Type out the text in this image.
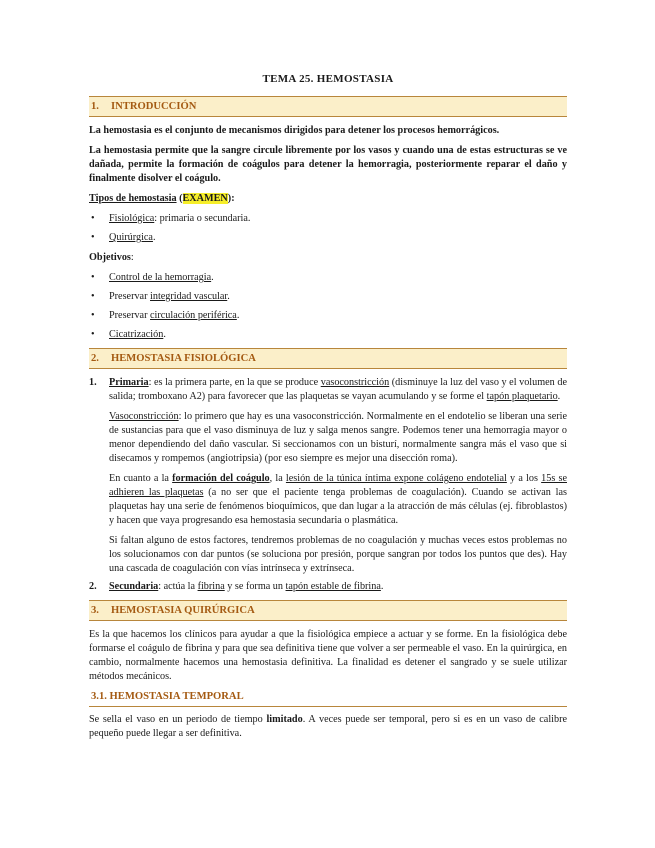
TEMA 25. HEMOSTASIA
1. INTRODUCCIÓN

La hemostasia es el conjunto de mecanismos dirigidos para detener los procesos hemorrágicos.

La hemostasia permite que la sangre circule libremente por los vasos y cuando una de estas estructuras se ve dañada, permite la formación de coágulos para detener la hemorragia, posteriormente reparar el daño y finalmente disolver el coágulo.

Tipos de hemostasia (EXAMEN):

• Fisiológica: primaria o secundaria.
• Quirúrgica.

Objetivos:

• Control de la hemorragia.
• Preservar integridad vascular.
• Preservar circulación periférica.
• Cicatrización.
2. HEMOSTASIA FISIOLÓGICA
1. Primaria: es la primera parte, en la que se produce vasoconstricción (disminuye la luz del vaso y el volumen de salida; tromboxano A2) para favorecer que las plaquetas se vayan acumulando y se forme el tapón plaquetario.

Vasoconstricción: lo primero que hay es una vasoconstricción. Normalmente en el endotelio se liberan una serie de sustancias para que el vaso disminuya de luz y salga menos sangre. Podemos tener una hemorragia mayor o menor dependiendo del daño vascular. Si seccionamos con un bisturí, normalmente sangra más el vaso que si disecamos y rompemos (angiotripsia) (por eso siempre es mejor una disección roma).

En cuanto a la formación del coágulo, la lesión de la túnica íntima expone colágeno endotelial y a los 15s se adhieren las plaquetas (a no ser que el paciente tenga problemas de coagulación). Cuando se activan las plaquetas hay una serie de fenómenos bioquímicos, que dan lugar a la atracción de más células (ej. fibroblastos) y hacen que vaya progresando esa hemostasia secundaria o plasmática.

Si faltan alguno de estos factores, tendremos problemas de no coagulación y muchas veces estos problemas no los solucionamos con dar puntos (se soluciona por presión, porque sangran por todos los puntos que des). Hay una cascada de coagulación con vías intrínseca y extrínseca.

2. Secundaria: actúa la fibrina y se forma un tapón estable de fibrina.

3. HEMOSTASIA QUIRÚRGICA

Es la que hacemos los clínicos para ayudar a que la fisiológica empiece a actuar y se forme. En la fisiológica debe formarse el coágulo de fibrina y para que sea definitiva tiene que volver a ser permeable el vaso. En la quirúrgica, en cambio, normalmente hacemos una hemostasia definitiva. La finalidad es detener el sangrado y se suele utilizar métodos mecánicos.

3.1. HEMOSTASIA TEMPORAL

Se sella el vaso en un periodo de tiempo limitado. A veces puede ser temporal, pero si es en un vaso de calibre pequeño puede llegar a ser definitiva.
